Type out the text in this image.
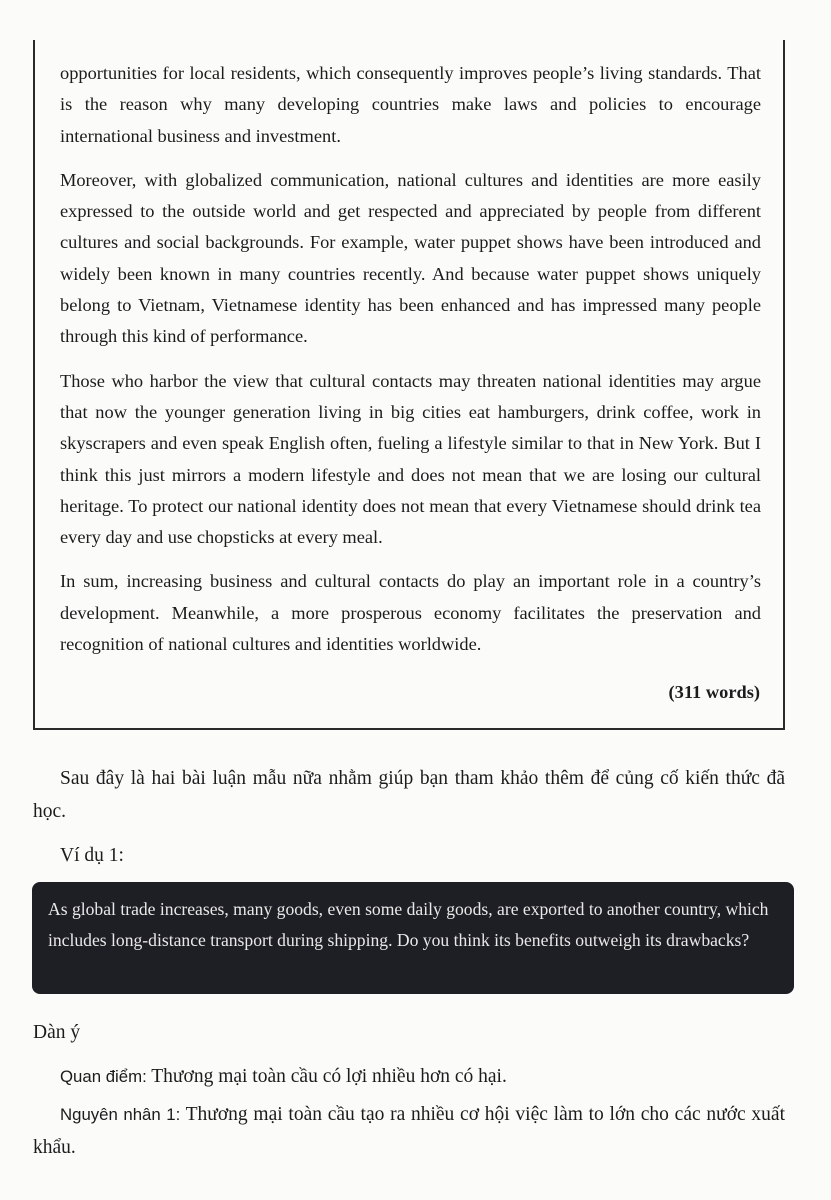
opportunities for local residents, which consequently improves people’s living standards. That is the reason why many developing countries make laws and policies to encourage international business and investment.

Moreover, with globalized communication, national cultures and identities are more easily expressed to the outside world and get respected and appreciated by people from different cultures and social backgrounds. For example, water puppet shows have been introduced and widely been known in many countries recently. And because water puppet shows uniquely belong to Vietnam, Vietnamese identity has been enhanced and has impressed many people through this kind of performance.

Those who harbor the view that cultural contacts may threaten national identities may argue that now the younger generation living in big cities eat hamburgers, drink coffee, work in skyscrapers and even speak English often, fueling a lifestyle similar to that in New York. But I think this just mirrors a modern lifestyle and does not mean that we are losing our cultural heritage. To protect our national identity does not mean that every Vietnamese should drink tea every day and use chopsticks at every meal.

In sum, increasing business and cultural contacts do play an important role in a country’s development. Meanwhile, a more prosperous economy facilitates the preservation and recognition of national cultures and identities worldwide.

(311 words)

Sau đây là hai bài luận mẫu nữa nhằm giúp bạn tham khảo thêm để củng cố kiến thức đã học.

Ví dụ 1:
As global trade increases, many goods, even some daily goods, are exported to another country, which includes long-distance transport during shipping. Do you think its benefits outweigh its drawbacks?
Dàn ý

Quan điểm: Thương mại toàn cầu có lợi nhiều hơn có hại.

Nguyên nhân 1: Thương mại toàn cầu tạo ra nhiều cơ hội việc làm to lớn cho các nước xuất khẩu.
